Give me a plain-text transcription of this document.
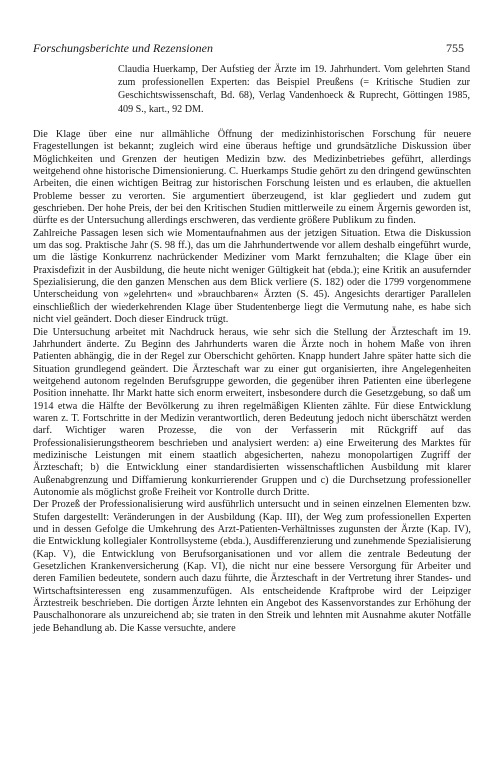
Forschungsberichte und Rezensionen	755
Claudia Huerkamp, Der Aufstieg der Ärzte im 19. Jahrhundert. Vom gelehrten Stand zum professionellen Experten: das Beispiel Preußens (= Kritische Studien zur Geschichtswissenschaft, Bd. 68), Verlag Vandenhoeck & Ruprecht, Göttingen 1985, 409 S., kart., 92 DM.

Die Klage über eine nur allmähliche Öffnung der medizinhistorischen Forschung für neuere Fragestellungen ist bekannt; zugleich wird eine überaus heftige und grundsätzliche Diskussion über Möglichkeiten und Grenzen der heutigen Medizin bzw. des Medizinbetriebes geführt, allerdings weitgehend ohne historische Dimensionierung. C. Huerkamps Studie gehört zu den dringend gewünschten Arbeiten, die einen wichtigen Beitrag zur historischen Forschung leisten und es erlauben, die aktuellen Probleme besser zu verorten. Sie argumentiert überzeugend, ist klar gegliedert und zudem gut geschrieben. Der hohe Preis, der bei den Kritischen Studien mittlerweile zu einem Ärgernis geworden ist, dürfte es der Untersuchung allerdings erschweren, das verdiente größere Publikum zu finden.

Zahlreiche Passagen lesen sich wie Momentaufnahmen aus der jetzigen Situation. Etwa die Diskussion um das sog. Praktische Jahr (S. 98 ff.), das um die Jahrhundertwende vor allem deshalb eingeführt wurde, um die lästige Konkurrenz nachrückender Mediziner vom Markt fernzuhalten; die Klage über ein Praxisdefizit in der Ausbildung, die heute nicht weniger Gültigkeit hat (ebda.); eine Kritik an ausufernder Spezialisierung, die den ganzen Menschen aus dem Blick verliere (S. 182) oder die 1799 vorgenommene Unterscheidung von »gelehrten« und »brauchbaren« Ärzten (S. 45). Angesichts derartiger Parallelen einschließlich der wiederkehrenden Klage über Studentenberge liegt die Vermutung nahe, es habe sich nicht viel geändert. Doch dieser Eindruck trügt.

Die Untersuchung arbeitet mit Nachdruck heraus, wie sehr sich die Stellung der Ärzteschaft im 19. Jahrhundert änderte. Zu Beginn des Jahrhunderts waren die Ärzte noch in hohem Maße von ihren Patienten abhängig, die in der Regel zur Oberschicht gehörten. Knapp hundert Jahre später hatte sich die Situation grundlegend geändert. Die Ärzteschaft war zu einer gut organisierten, ihre Angelegenheiten weitgehend autonom regelnden Berufsgruppe geworden, die gegenüber ihren Patienten eine überlegene Position innehatte. Ihr Markt hatte sich enorm erweitert, insbesondere durch die Gesetzgebung, so daß um 1914 etwa die Hälfte der Bevölkerung zu ihren regelmäßigen Klienten zählte. Für diese Entwicklung waren z. T. Fortschritte in der Medizin verantwortlich, deren Bedeutung jedoch nicht überschätzt werden darf. Wichtiger waren Prozesse, die von der Verfasserin mit Rückgriff auf das Professionalisierungstheorem beschrieben und analysiert werden: a) eine Erweiterung des Marktes für medizinische Leistungen mit einem staatlich abgesicherten, nahezu monopolartigen Zugriff der Ärzteschaft; b) die Entwicklung einer standardisierten wissenschaftlichen Ausbildung mit klarer Außenabgrenzung und Diffamierung konkurrierender Gruppen und c) die Durchsetzung professioneller Autonomie als möglichst große Freiheit vor Kontrolle durch Dritte.

Der Prozeß der Professionalisierung wird ausführlich untersucht und in seinen einzelnen Elementen bzw. Stufen dargestellt: Veränderungen in der Ausbildung (Kap. III), der Weg zum professionellen Experten und in dessen Gefolge die Umkehrung des Arzt-Patienten-Verhältnisses zugunsten der Ärzte (Kap. IV), die Entwicklung kollegialer Kontrollsysteme (ebda.), Ausdifferenzierung und zunehmende Spezialisierung (Kap. V), die Entwicklung von Berufsorganisationen und vor allem die zentrale Bedeutung der Gesetzlichen Krankenversicherung (Kap. VI), die nicht nur eine bessere Versorgung für Arbeiter und deren Familien bedeutete, sondern auch dazu führte, die Ärzteschaft in der Vertretung ihrer Standes- und Wirtschaftsinteressen eng zusammenzufügen. Als entscheidende Kraftprobe wird der Leipziger Ärztestreik beschrieben. Die dortigen Ärzte lehnten ein Angebot des Kassenvorstandes zur Erhöhung der Pauschalhonorare als unzureichend ab; sie traten in den Streik und lehnten mit Ausnahme akuter Notfälle jede Behandlung ab. Die Kasse versuchte, andere
